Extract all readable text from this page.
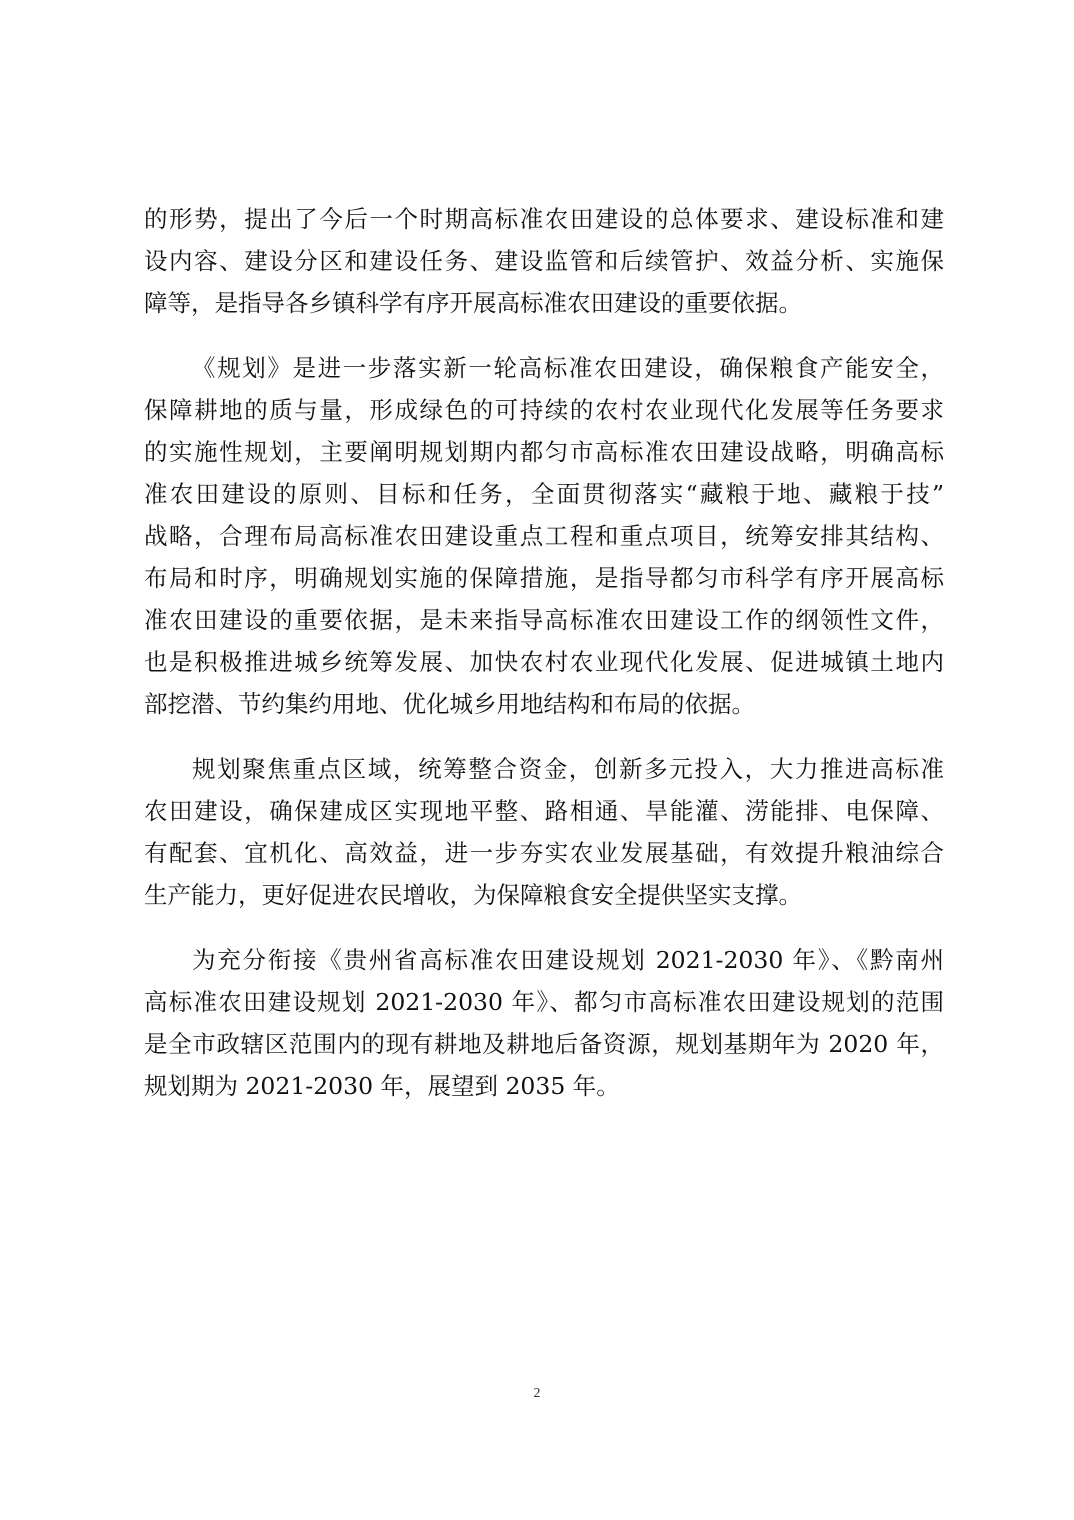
的形势，提出了今后一个时期高标准农田建设的总体要求、建设标准和建
设内容、建设分区和建设任务、建设监管和后续管护、效益分析、实施保
障等，是指导各乡镇科学有序开展高标准农田建设的重要依据。
《规划》是进一步落实新一轮高标准农田建设，确保粮食产能安全，
保障耕地的质与量，形成绿色的可持续的农村农业现代化发展等任务要求
的实施性规划，主要阐明规划期内都匀市高标准农田建设战略，明确高标
准农田建设的原则、目标和任务，全面贯彻落实“藏粮于地、藏粮于技”
战略，合理布局高标准农田建设重点工程和重点项目，统筹安排其结构、
布局和时序，明确规划实施的保障措施，是指导都匀市科学有序开展高标
准农田建设的重要依据，是未来指导高标准农田建设工作的纲领性文件，
也是积极推进城乡统筹发展、加快农村农业现代化发展、促进城镇土地内
部挖潜、节约集约用地、优化城乡用地结构和布局的依据。
规划聚焦重点区域，统筹整合资金，创新多元投入，大力推进高标准
农田建设，确保建成区实现地平整、路相通、旱能灌、涝能排、电保障、
有配套、宜机化、高效益，进一步夯实农业发展基础，有效提升粮油综合
生产能力，更好促进农民增收，为保障粮食安全提供坚实支撑。
为充分衔接《贵州省高标准农田建设规划 2021-2030 年》、《黔南州
高标准农田建设规划 2021-2030 年》、都匀市高标准农田建设规划的范围
是全市政辖区范围内的现有耕地及耕地后备资源，规划基期年为 2020 年，
规划期为 2021-2030 年，展望到 2035 年。
2
